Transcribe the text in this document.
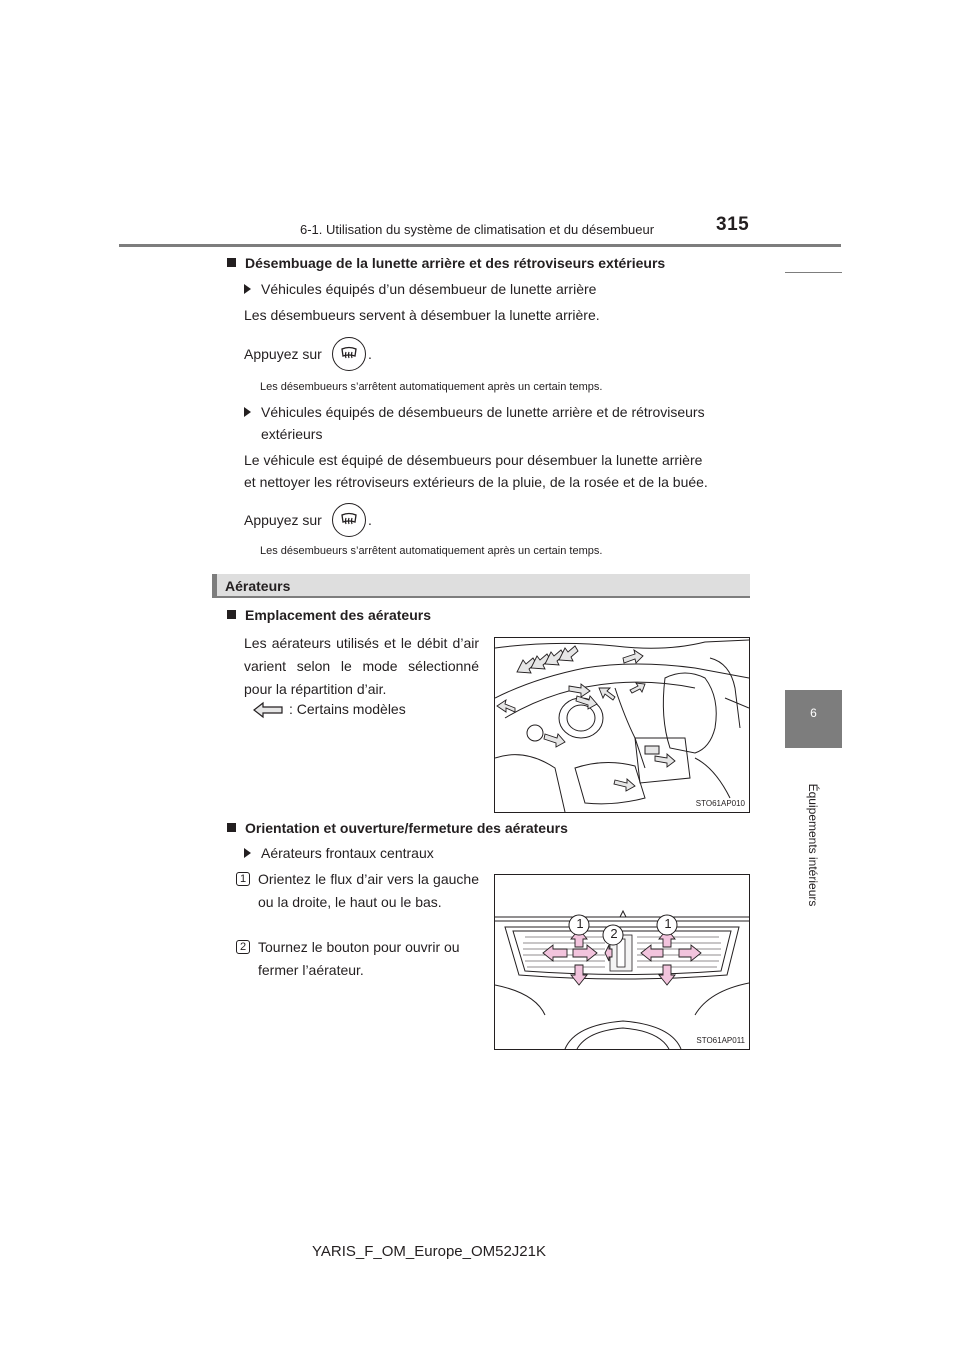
6-1. Utilisation du système de climatisation et du désembueur	315
6
Équipements intérieurs
Désembuage de la lunette arrière et des rétroviseurs extérieurs
Véhicules équipés d’un désembueur de lunette arrière
Les désembueurs servent à désembuer la lunette arrière.
Appuyez sur	.
Les désembueurs s’arrêtent automatiquement après un certain temps.
Véhicules équipés de désembueurs de lunette arrière et de rétroviseurs
extérieurs
Le véhicule est équipé de désembueurs pour désembuer la lunette arrière
et nettoyer les rétroviseurs extérieurs de la pluie, de la rosée et de la buée.
Appuyez sur	.
Les désembueurs s’arrêtent automatiquement après un certain temps.
Aérateurs
Emplacement des aérateurs
Les aérateurs utilisés et le débit d’air varient selon le mode sélectionné pour la répartition d’air.
: Certains modèles
STO61AP010
Orientation et ouverture/fermeture des aérateurs
Aérateurs frontaux centraux
1 Orientez le flux d’air vers la gauche ou la droite, le haut ou le bas.
2 Tournez le bouton pour ouvrir ou fermer l’aérateur.
1
2
1
STO61AP011
YARIS_F_OM_Europe_OM52J21K
